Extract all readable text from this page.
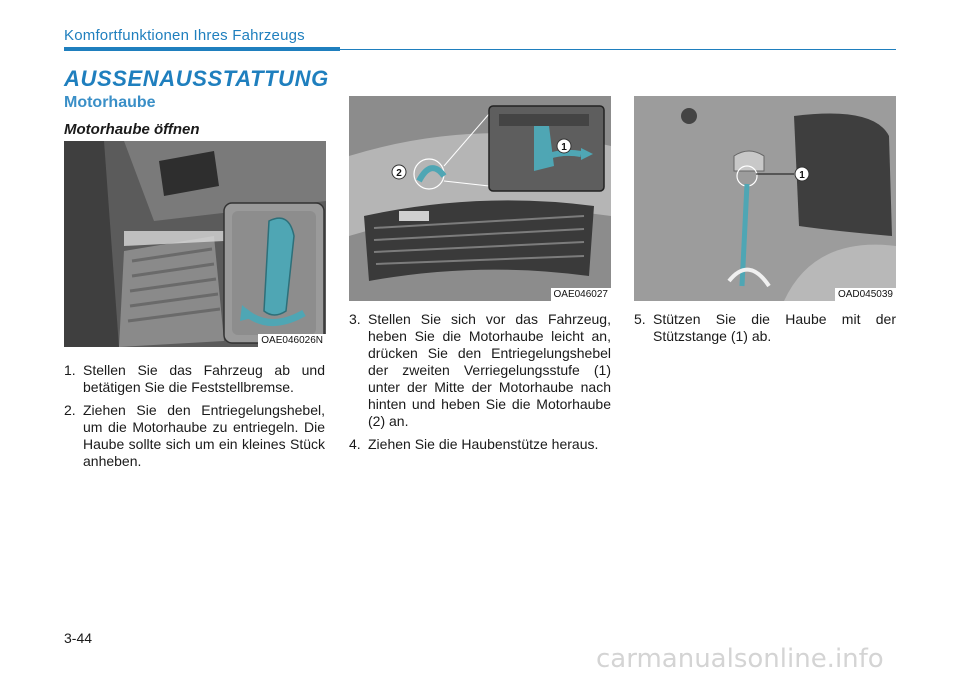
Komfortfunktionen Ihres Fahrzeugs
AUSSENAUSSTATTUNG
Motorhaube
Motorhaube öffnen
OAE046026N
2
1
OAE046027
1
OAD045039
1. Stellen Sie das Fahrzeug ab und betätigen Sie die Feststellbremse.
2. Ziehen Sie den Entriegelungshebel, um die Motorhaube zu entriegeln. Die Haube sollte sich um ein kleines Stück anheben.
3. Stellen Sie sich vor das Fahrzeug, heben Sie die Motorhaube leicht an, drücken Sie den Entriegelungshebel der zweiten Verriegelungsstufe (1) unter der Mitte der Motorhaube nach hinten und heben Sie die Motorhaube (2) an.
4. Ziehen Sie die Haubenstütze heraus.
5. Stützen Sie die Haube mit der Stützstange (1) ab.
3-44
carmanualsonline.info
